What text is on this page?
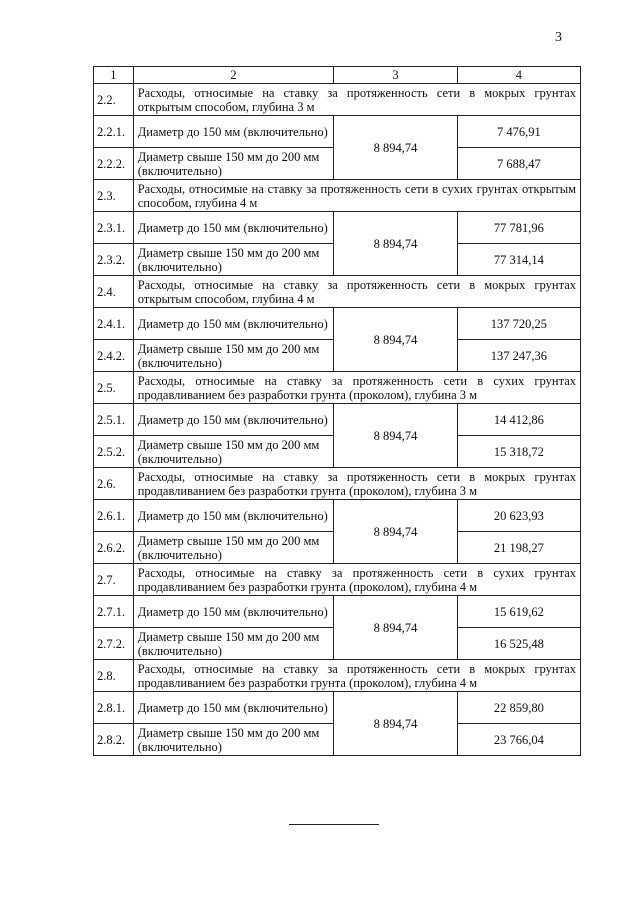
3
1	2	3	4
2.2.	Расходы, относимые на ставку за протяженность сети в мокрых грунтах открытым способом, глубина 3 м		
2.2.1.	Диаметр до 150 мм (включительно)	8 894,74	7 476,91
2.2.2.	Диаметр свыше 150 мм до 200 мм (включительно)		7 688,47
2.3.	Расходы, относимые на ставку за протяженность сети в сухих грунтах открытым способом, глубина 4 м		
2.3.1.	Диаметр до 150 мм (включительно)	8 894,74	77 781,96
2.3.2.	Диаметр свыше 150 мм до 200 мм (включительно)		77 314,14
2.4.	Расходы, относимые на ставку за протяженность сети в мокрых грунтах открытым способом, глубина 4 м		
2.4.1.	Диаметр до 150 мм (включительно)	8 894,74	137 720,25
2.4.2.	Диаметр свыше 150 мм до 200 мм (включительно)		137 247,36
2.5.	Расходы, относимые на ставку за протяженность сети в сухих грунтах продавливанием без разработки грунта (проколом), глубина 3 м		
2.5.1.	Диаметр до 150 мм (включительно)	8 894,74	14 412,86
2.5.2.	Диаметр свыше 150 мм до 200 мм (включительно)		15 318,72
2.6.	Расходы, относимые на ставку за протяженность сети в мокрых грунтах продавливанием без разработки грунта (проколом), глубина 3 м		
2.6.1.	Диаметр до 150 мм (включительно)	8 894,74	20 623,93
2.6.2.	Диаметр свыше 150 мм до 200 мм (включительно)		21 198,27
2.7.	Расходы, относимые на ставку за протяженность сети в сухих грунтах продавливанием без разработки грунта (проколом), глубина 4 м		
2.7.1.	Диаметр до 150 мм (включительно)	8 894,74	15 619,62
2.7.2.	Диаметр свыше 150 мм до 200 мм (включительно)		16 525,48
2.8.	Расходы, относимые на ставку за протяженность сети в мокрых грунтах продавливанием без разработки грунта (проколом), глубина 4 м		
2.8.1.	Диаметр до 150 мм (включительно)	8 894,74	22 859,80
2.8.2.	Диаметр свыше 150 мм до 200 мм (включительно)		23 766,04
